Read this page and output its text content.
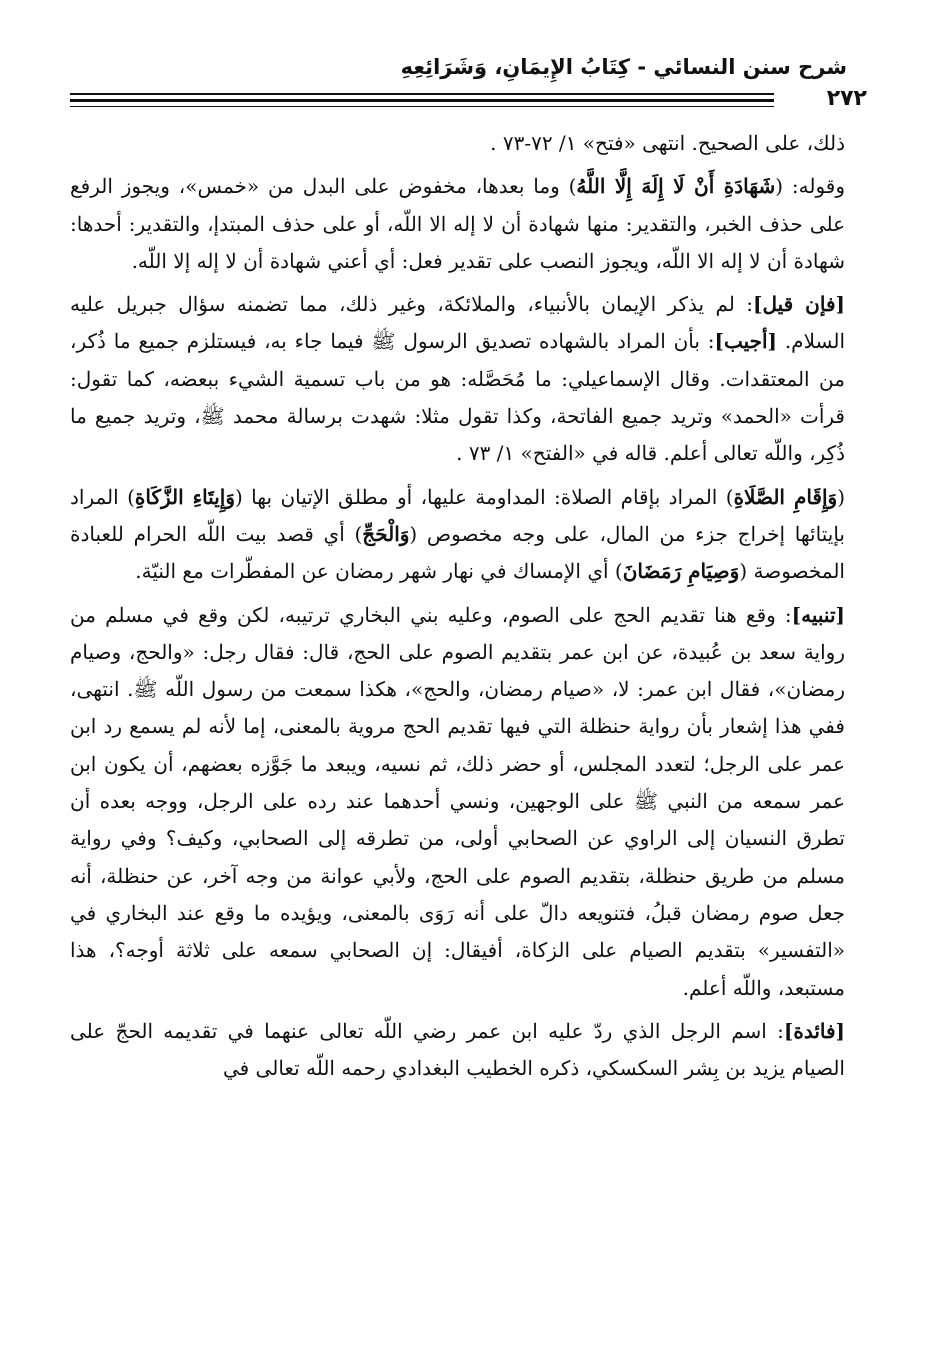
شرح سنن النسائي - كِتَابُ الإِيمَانِ، وَشَرَائِعِهِ
٢٧٢

ذلك، على الصحيح. انتهى «فتح» ١/ ٧٢-٧٣ .

وقوله: (شَهَادَةِ أَنْ لَا إِلَهَ إِلَّا اللَّهُ) وما بعدها، مخفوض على البدل من «خمس»، ويجوز الرفع على حذف الخبر، والتقدير: منها شهادة أن لا إله الا اللّه، أو على حذف المبتدإ، والتقدير: أحدها: شهادة أن لا إله الا اللّه، ويجوز النصب على تقدير فعل: أي أعني شهادة أن لا إله إلا اللّه.

[فإن قيل]: لم يذكر الإيمان بالأنبياء، والملائكة، وغير ذلك، مما تضمنه سؤال جبريل عليه السلام. [أجيب]: بأن المراد بالشهاده تصديق الرسول ﷺ فيما جاء به، فيستلزم جميع ما ذُكر، من المعتقدات. وقال الإسماعيلي: ما مُحَصَّله: هو من باب تسمية الشيء ببعضه، كما تقول: قرأت «الحمد» وتريد جميع الفاتحة، وكذا تقول مثلا: شهدت برسالة محمد ﷺ، وتريد جميع ما ذُكِر، واللّه تعالى أعلم. قاله في «الفتح» ١/ ٧٣ .

(وَإِقَامِ الصَّلَاةِ) المراد بإقام الصلاة: المداومة عليها، أو مطلق الإتيان بها (وَإِيتَاءِ الزَّكَاةِ) المراد بإيتائها إخراج جزء من المال، على وجه مخصوص (وَالْحَجِّ) أي قصد بيت اللّه الحرام للعبادة المخصوصة (وَصِيَامِ رَمَضَانَ) أي الإمساك في نهار شهر رمضان عن المفطّرات مع النيّة.

[تنبيه]: وقع هنا تقديم الحج على الصوم، وعليه بني البخاري ترتيبه، لكن وقع في مسلم من رواية سعد بن عُبيدة، عن ابن عمر بتقديم الصوم على الحج، قال: فقال رجل: «والحج، وصيام رمضان»، فقال ابن عمر: لا، «صيام رمضان، والحج»، هكذا سمعت من رسول اللّه ﷺ. انتهى، ففي هذا إشعار بأن رواية حنظلة التي فيها تقديم الحج مروية بالمعنى، إما لأنه لم يسمع رد ابن عمر على الرجل؛ لتعدد المجلس، أو حضر ذلك، ثم نسيه، ويبعد ما جَوَّزه بعضهم، أن يكون ابن عمر سمعه من النبي ﷺ على الوجهين، ونسي أحدهما عند رده على الرجل، ووجه بعده أن تطرق النسيان إلى الراوي عن الصحابي أولى، من تطرقه إلى الصحابي، وكيف؟ وفي رواية مسلم من طريق حنظلة، بتقديم الصوم على الحج، ولأبي عوانة من وجه آخر، عن حنظلة، أنه جعل صوم رمضان قبلُ، فتنويعه دالّ على أنه رَوَى بالمعنى، ويؤيده ما وقع عند البخاري في «التفسير» بتقديم الصيام على الزكاة، أفيقال: إن الصحابي سمعه على ثلاثة أوجه؟، هذا مستبعد، واللّه أعلم.

[فائدة]: اسم الرجل الذي ردّ عليه ابن عمر رضي اللّه تعالى عنهما في تقديمه الحجّ على الصيام يزيد بن بِشر السكسكي، ذكره الخطيب البغدادي رحمه اللّه تعالى في
